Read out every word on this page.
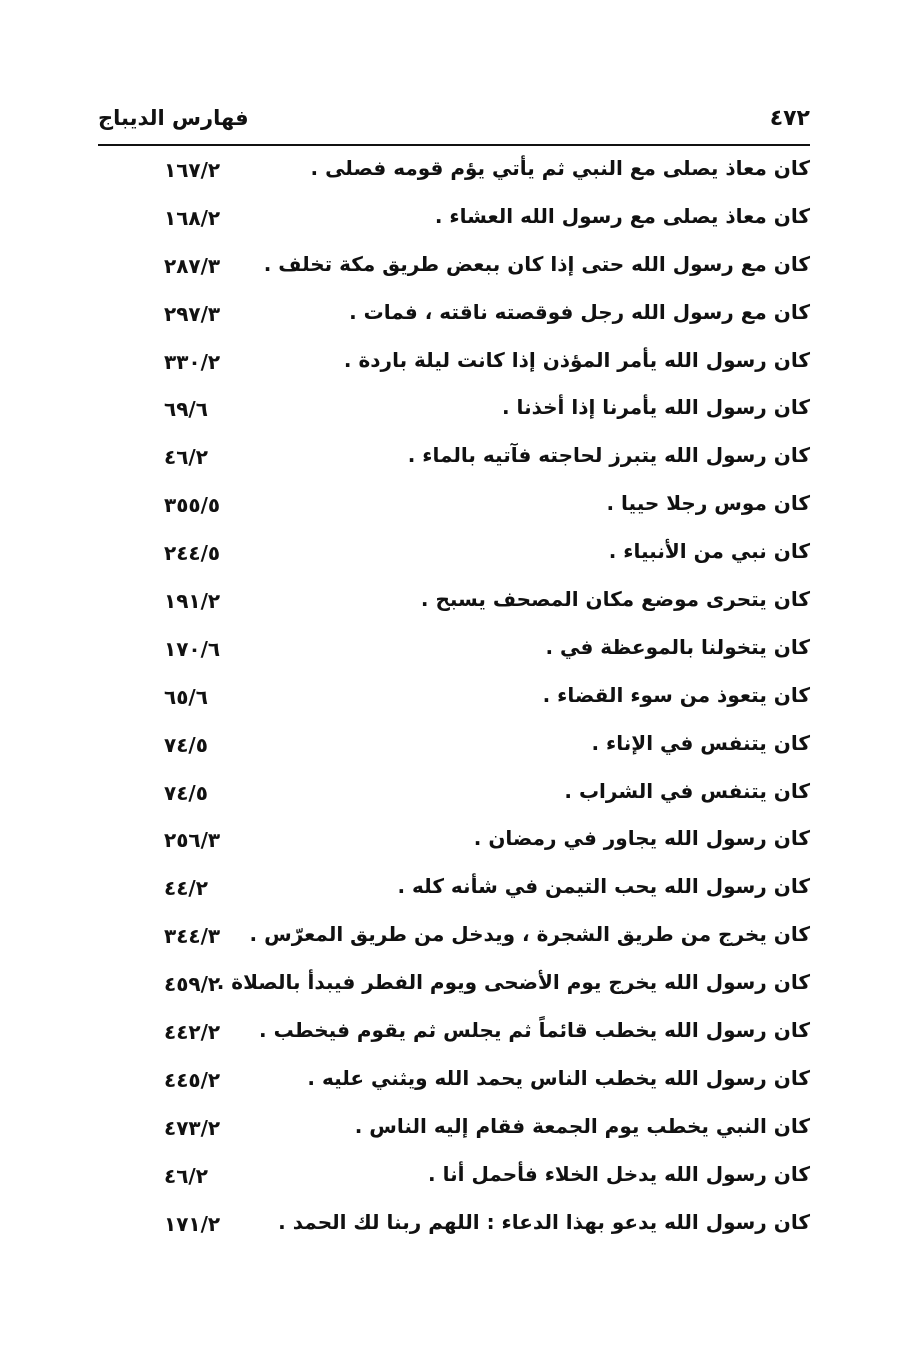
٤٧٢
فهارس الديباج
كان معاذ يصلى مع النبي ثم يأتي يؤم قومه فصلى .
١٦٧/٢
كان معاذ يصلى مع رسول الله العشاء .
١٦٨/٢
كان مع رسول الله حتى إذا كان ببعض طريق مكة تخلف .
٢٨٧/٣
كان مع رسول الله رجل فوقصته ناقته ، فمات .
٢٩٧/٣
كان رسول الله يأمر المؤذن إذا كانت ليلة باردة .
٣٣٠/٢
كان رسول الله يأمرنا إذا أخذنا .
٦٩/٦
كان رسول الله يتبرز لحاجته فآتيه بالماء .
٤٦/٢
كان موس رجلا حييا .
٣٥٥/٥
كان نبي من الأنبياء .
٢٤٤/٥
كان يتحرى موضع مكان المصحف يسبح .
١٩١/٢
كان يتخولنا بالموعظة في .
١٧٠/٦
كان يتعوذ من سوء القضاء .
٦٥/٦
كان يتنفس في الإناء .
٧٤/٥
كان يتنفس في الشراب .
٧٤/٥
كان رسول الله يجاور في رمضان .
٢٥٦/٣
كان رسول الله يحب التيمن في شأنه كله .
٤٤/٢
كان يخرج من طريق الشجرة ، ويدخل من طريق المعرّس .
٣٤٤/٣
كان رسول الله يخرج يوم الأضحى ويوم الفطر فيبدأ بالصلاة .
٤٥٩/٢
كان رسول الله يخطب قائماً ثم يجلس ثم يقوم فيخطب .
٤٤٢/٢
كان رسول الله يخطب الناس يحمد الله ويثني عليه .
٤٤٥/٢
كان النبي يخطب يوم الجمعة فقام إليه الناس .
٤٧٣/٢
كان رسول الله يدخل الخلاء فأحمل أنا .
٤٦/٢
كان رسول الله يدعو بهذا الدعاء : اللهم ربنا لك الحمد .
١٧١/٢
